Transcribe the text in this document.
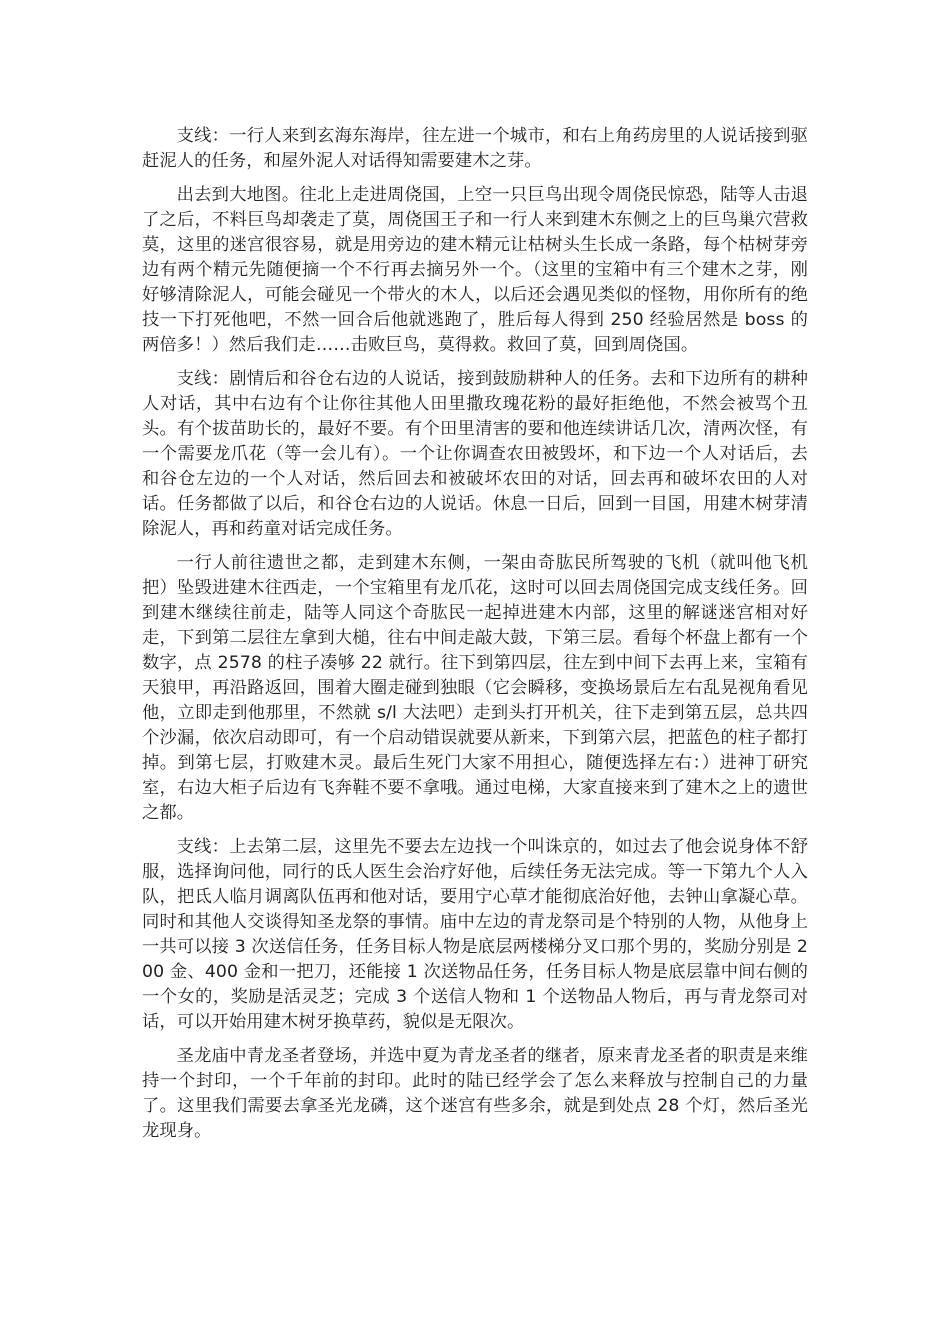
支线：一行人来到玄海东海岸，往左进一个城市，和右上角药房里的人说话接到驱赶泥人的任务，和屋外泥人对话得知需要建木之芽。

出去到大地图。往北上走进周侥国，上空一只巨鸟出现令周侥民惊恐，陆等人击退了之后，不料巨鸟却袭走了莫，周侥国王子和一行人来到建木东侧之上的巨鸟巢穴营救莫，这里的迷宫很容易，就是用旁边的建木精元让枯树头生长成一条路，每个枯树芽旁边有两个精元先随便摘一个不行再去摘另外一个。（这里的宝箱中有三个建木之芽，刚好够清除泥人，可能会碰见一个带火的木人，以后还会遇见类似的怪物，用你所有的绝技一下打死他吧，不然一回合后他就逃跑了，胜后每人得到 250 经验居然是 boss 的两倍多！）然后我们走……击败巨鸟，莫得救。救回了莫，回到周侥国。

支线：剧情后和谷仓右边的人说话，接到鼓励耕种人的任务。去和下边所有的耕种人对话，其中右边有个让你往其他人田里撒玫瑰花粉的最好拒绝他，不然会被骂个丑头。有个拔苗助长的，最好不要。有个田里清害的要和他连续讲话几次，清两次怪，有一个需要龙爪花（等一会儿有）。一个让你调查农田被毁坏，和下边一个人对话后，去和谷仓左边的一个人对话，然后回去和被破坏农田的对话，回去再和破坏农田的人对话。任务都做了以后，和谷仓右边的人说话。休息一日后，回到一目国，用建木树芽清除泥人，再和药童对话完成任务。

一行人前往遗世之都，走到建木东侧，一架由奇肱民所驾驶的飞机（就叫他飞机把）坠毁进建木往西走，一个宝箱里有龙爪花，这时可以回去周侥国完成支线任务。回到建木继续往前走，陆等人同这个奇肱民一起掉进建木内部，这里的解谜迷宫相对好走，下到第二层往左拿到大槌，往右中间走敲大鼓，下第三层。看每个杯盘上都有一个数字，点 2578 的柱子凑够 22 就行。往下到第四层，往左到中间下去再上来，宝箱有天狼甲，再沿路返回，围着大圈走碰到独眼（它会瞬移，变换场景后左右乱晃视角看见他，立即走到他那里，不然就 s/l 大法吧）走到头打开机关，往下走到第五层，总共四个沙漏，依次启动即可，有一个启动错误就要从新来，下到第六层，把蓝色的柱子都打掉。到第七层，打败建木灵。最后生死门大家不用担心，随便选择左右：）进神丁研究室，右边大柜子后边有飞奔鞋不要不拿哦。通过电梯，大家直接来到了建木之上的遗世之都。

支线：上去第二层，这里先不要去左边找一个叫诛京的，如过去了他会说身体不舒服，选择询问他，同行的氐人医生会治疗好他，后续任务无法完成。等一下第九个人入队，把氐人临月调离队伍再和他对话，要用宁心草才能彻底治好他，去钟山拿凝心草。同时和其他人交谈得知圣龙祭的事情。庙中左边的青龙祭司是个特别的人物，从他身上一共可以接 3 次送信任务，任务目标人物是底层两楼梯分叉口那个男的，奖励分别是 200 金、400 金和一把刀，还能接 1 次送物品任务，任务目标人物是底层靠中间右侧的一个女的，奖励是活灵芝；完成 3 个送信人物和 1 个送物品人物后，再与青龙祭司对话，可以开始用建木树牙换草药，貌似是无限次。

圣龙庙中青龙圣者登场，并选中夏为青龙圣者的继者，原来青龙圣者的职责是来维持一个封印，一个千年前的封印。此时的陆已经学会了怎么来释放与控制自己的力量了。这里我们需要去拿圣光龙磷，这个迷宫有些多余，就是到处点 28 个灯，然后圣光龙现身。
